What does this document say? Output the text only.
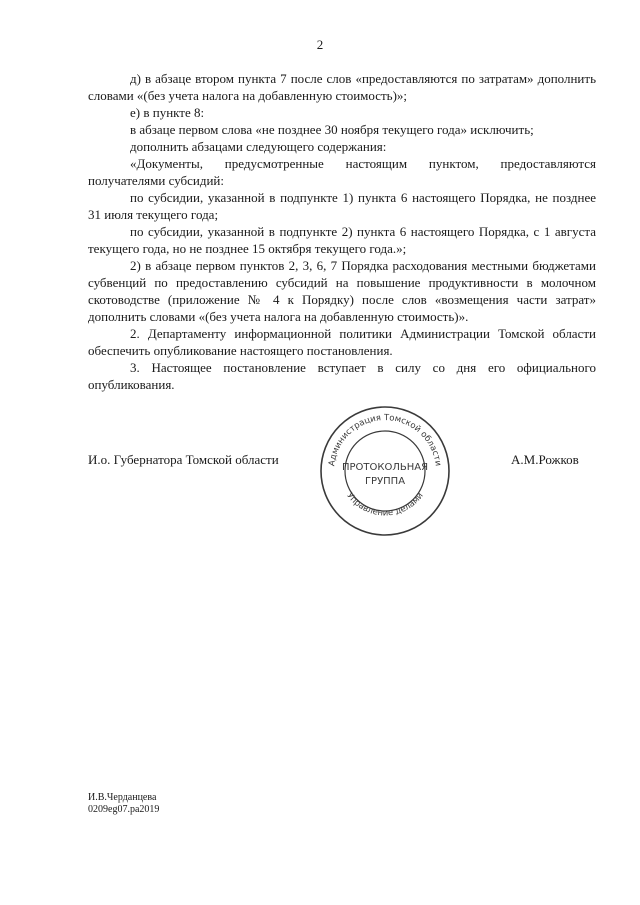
2

д) в абзаце втором пункта 7 после слов «предоставляются по затратам» дополнить словами «(без учета налога на добавленную стоимость)»;

е) в пункте 8:

в абзаце первом слова «не позднее 30 ноября текущего года» исключить;

дополнить абзацами следующего содержания:

«Документы, предусмотренные настоящим пунктом, предоставляются получателями субсидий:

по субсидии, указанной в подпункте 1) пункта 6 настоящего Порядка, не позднее 31 июля текущего года;

по субсидии, указанной в подпункте 2) пункта 6 настоящего Порядка, с 1 августа текущего года, но не позднее 15 октября текущего года.»;

2) в абзаце первом пунктов 2, 3, 6, 7 Порядка расходования местными бюджетами субвенций по предоставлению субсидий на повышение продуктивности в молочном скотоводстве (приложение № 4 к Порядку) после слов «возмещения части затрат» дополнить словами «(без учета налога на добавленную стоимость)».

2. Департаменту информационной политики Администрации Томской области обеспечить опубликование настоящего постановления.

3. Настоящее постановление вступает в силу со дня его официального опубликования.

И.о. Губернатора Томской области	Администрация Томской области
Управление делами
ПРОТОКОЛЬНАЯ
ГРУППА
А.М.Рожков
И.В.Черданцева
0209eg07.pa2019
